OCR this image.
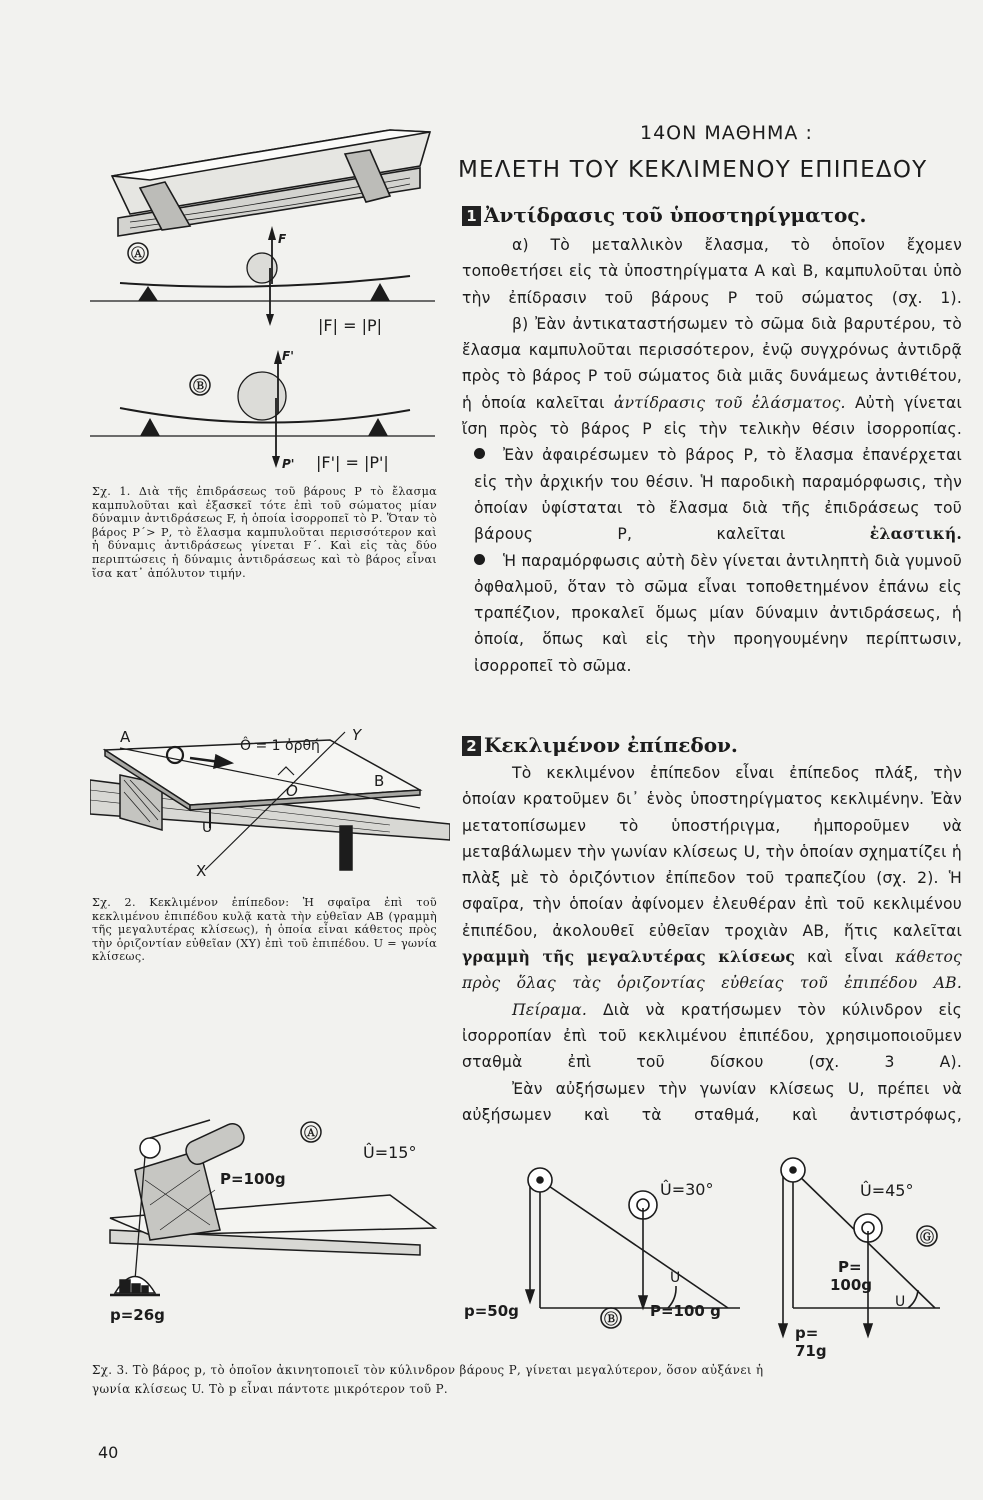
14ΟΝ ΜΑΘΗΜΑ :
ΜΕΛΕΤΗ ΤΟΥ ΚΕΚΛΙΜΕΝΟΥ ΕΠΙΠΕΔΟΥ
1 Ἀντίδρασις τοῦ ὑποστηρίγματος.

α) Τὸ μεταλλικὸν ἔλασμα, τὸ ὁποῖον ἔχομεν τοποθετήσει εἰς τὰ ὑποστηρίγματα Α καὶ Β, καμπυλοῦται ὑπὸ τὴν ἐπίδρασιν τοῦ βάρους Ρ τοῦ σώματος (σχ. 1).

β) Ἐὰν ἀντικαταστήσωμεν τὸ σῶμα διὰ βαρυτέρου, τὸ ἔλασμα καμπυλοῦται περισσότερον, ἐνῷ συγχρόνως ἀντιδρᾷ πρὸς τὸ βάρος Ρ τοῦ σώματος διὰ μιᾶς δυνάμεως ἀντιθέτου, ἡ ὁποία καλεῖται ἀντίδρασις τοῦ ἐλάσματος. Αὐτὴ γίνεται ἴση πρὸς τὸ βάρος Ρ εἰς τὴν τελικὴν θέσιν ἰσορροπίας.

Ἐὰν ἀφαιρέσωμεν τὸ βάρος Ρ, τὸ ἔλασμα ἐπανέρχεται εἰς τὴν ἀρχικήν του θέσιν. Ἡ παροδικὴ παραμόρφωσις, τὴν ὁποίαν ὑφίσταται τὸ ἔλασμα διὰ τῆς ἐπιδράσεως τοῦ βάρους Ρ, καλεῖται	ἐλαστική.

Ἡ παραμόρφωσις αὐτὴ δὲν γίνεται ἀντιληπτὴ διὰ γυμνοῦ ὀφθαλμοῦ, ὅταν τὸ σῶμα εἶναι τοποθετημένον ἐπάνω εἰς τραπέζιον, προκαλεῖ ὅμως μίαν δύναμιν ἀντιδράσεως, ἡ ὁποία, ὅπως καὶ εἰς τὴν προηγουμένην περίπτωσιν, ἰσορροπεῖ τὸ σῶμα.

2 Κεκλιμένον ἐπίπεδον.

Τὸ κεκλιμένον ἐπίπεδον εἶναι ἐπίπεδος πλάξ, τὴν ὁποίαν κρατοῦμεν δι᾽ ἑνὸς ὑποστηρίγματος κεκλιμένην. Ἐὰν μετατοπίσωμεν τὸ ὑποστήριγμα, ἠμποροῦμεν νὰ μεταβάλωμεν τὴν γωνίαν κλίσεως U, τὴν ὁποίαν σχηματίζει ἡ πλὰξ μὲ τὸ ὁριζόντιον ἐπίπεδον τοῦ τραπεζίου (σχ. 2). Ἡ σφαῖρα, τὴν ὁποίαν ἀφίνομεν ἐλευθέραν ἐπὶ τοῦ κεκλιμένου ἐπιπέδου, ἀκολουθεῖ εὐθεῖαν τροχιὰν ΑΒ, ἥτις καλεῖται γραμμὴ τῆς μεγαλυτέρας κλίσεως καὶ εἶναι κάθετος πρὸς ὅλας τὰς ὁριζοντίας εὐθείας τοῦ ἐπιπέδου ΑΒ.

Πείραμα. Διὰ νὰ κρατήσωμεν τὸν κύλινδρον εἰς ἰσορροπίαν ἐπὶ τοῦ κεκλιμένου ἐπιπέδου, χρησιμοποιοῦμεν σταθμὰ ἐπὶ τοῦ δίσκου (σχ. 3 Α).

Ἐὰν αὐξήσωμεν τὴν γωνίαν κλίσεως U, πρέπει νὰ αὐξήσωμεν καὶ τὰ σταθμά, καὶ ἀντιστρόφως,

Ⓐ
F
|F| = |P|
Ⓑ
F'
P' |F'| = |P'|
Σχ. 1. Διὰ τῆς ἐπιδράσεως τοῦ βάρους Ρ τὸ ἔλασμα καμπυλοῦται καὶ ἐξασκεῖ τότε ἐπὶ τοῦ σώματος μίαν δύναμιν ἀντιδράσεως F, ἡ ὁποία ἰσορροπεῖ τὸ Ρ. Ὅταν τὸ βάρος Ρ΄> Ρ, τὸ ἔλασμα καμπυλοῦται περισσότερον καὶ ἡ δύναμις ἀντιδράσεως γίνεται F΄. Καὶ εἰς τὰς δύο περιπτώσεις ἡ δύναμις ἀντιδράσεως καὶ τὸ βάρος εἶναι ἴσα κατ᾽ ἀπόλυτον τιμήν.
Ô = 1 ὀρθή
A
B
O
U
X
Y
Σχ. 2. Κεκλιμένον ἐπίπεδον: Ἡ σφαῖρα ἐπὶ τοῦ κεκλιμένου ἐπιπέδου κυλᾷ κατὰ τὴν εὐθεῖαν ΑΒ (γραμμὴ τῆς μεγαλυτέρας κλίσεως), ἡ ὁποία εἶναι κάθετος πρὸς τὴν ὁριζοντίαν εὐθεῖαν (ΧΥ) ἐπὶ τοῦ ἐπιπέδου. U = γωνία κλίσεως.
Ⓐ
Û=15°
P=100g
p=26g
Û=30°
U
p=50g	Ⓑ P=100 g
Û=45°
Ⓖ
P=
100g
U
p=
71g
Σχ. 3. Τὸ βάρος p, τὸ ὁποῖον ἀκινητοποιεῖ τὸν κύλινδρον βάρους Ρ, γίνεται μεγαλύτερον, ὅσον αὐξάνει ἡ γωνία κλίσεως U. Τὸ p εἶναι πάντοτε μικρότερον τοῦ Ρ.
40
